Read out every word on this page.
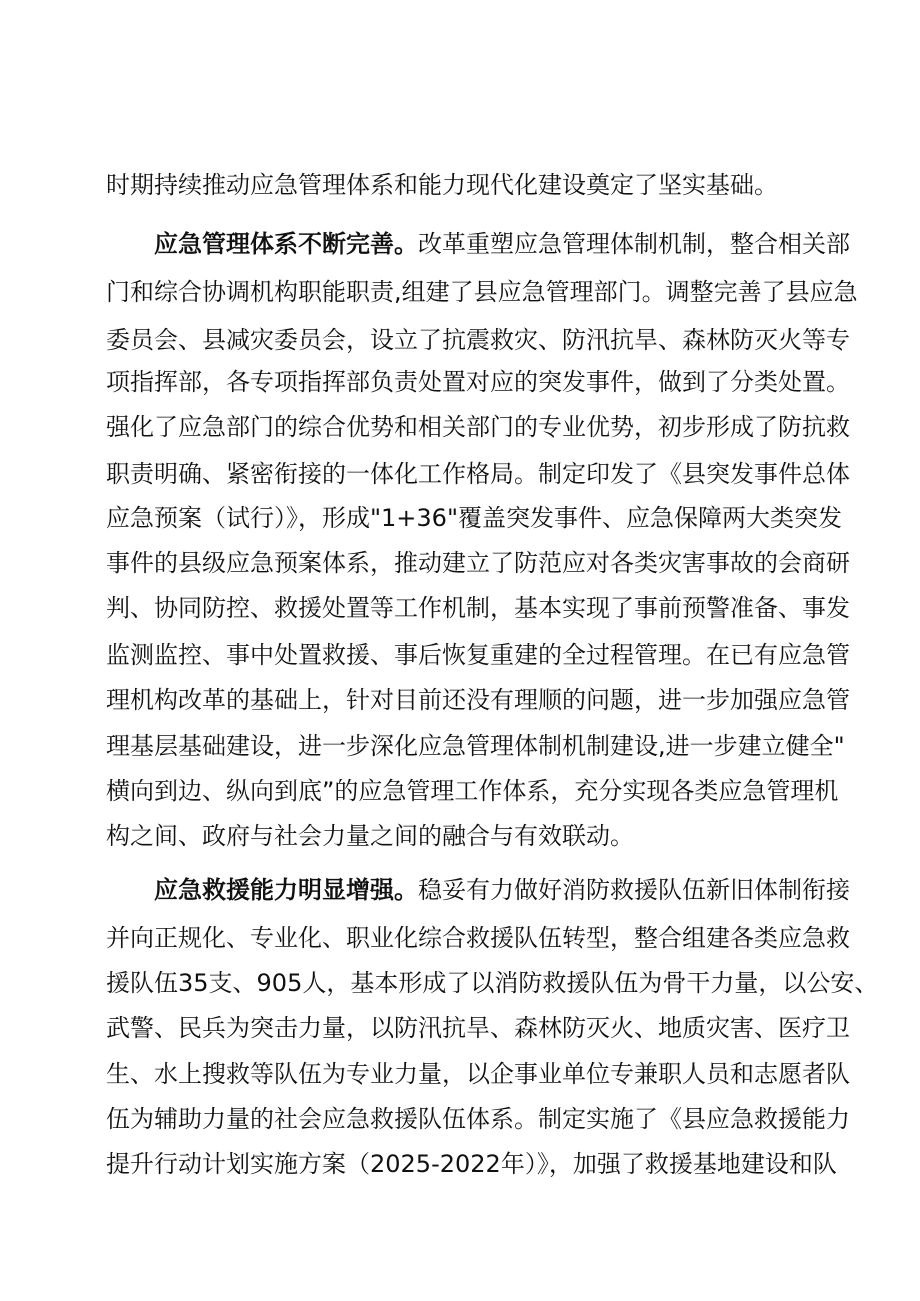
时期持续推动应急管理体系和能力现代化建设奠定了坚实基础。
应急管理体系不断完善。改革重塑应急管理体制机制，整合相关部
门和综合协调机构职能职责,组建了县应急管理部门。调整完善了县应急
委员会、县减灾委员会，设立了抗震救灾、防汛抗旱、森林防灭火等专
项指挥部，各专项指挥部负责处置对应的突发事件，做到了分类处置。
强化了应急部门的综合优势和相关部门的专业优势，初步形成了防抗救
职责明确、紧密衔接的一体化工作格局。制定印发了《县突发事件总体
应急预案（试行）》，形成"1+36"覆盖突发事件、应急保障两大类突发
事件的县级应急预案体系，推动建立了防范应对各类灾害事故的会商研
判、协同防控、救援处置等工作机制，基本实现了事前预警准备、事发
监测监控、事中处置救援、事后恢复重建的全过程管理。在已有应急管
理机构改革的基础上，针对目前还没有理顺的问题，进一步加强应急管
理基层基础建设，进一步深化应急管理体制机制建设,进一步建立健全"
横向到边、纵向到底”的应急管理工作体系，充分实现各类应急管理机
构之间、政府与社会力量之间的融合与有效联动。
应急救援能力明显增强。稳妥有力做好消防救援队伍新旧体制衔接
并向正规化、专业化、职业化综合救援队伍转型，整合组建各类应急救
援队伍35支、905人，基本形成了以消防救援队伍为骨干力量，以公安、
武警、民兵为突击力量，以防汛抗旱、森林防灭火、地质灾害、医疗卫
生、水上搜救等队伍为专业力量，以企事业单位专兼职人员和志愿者队
伍为辅助力量的社会应急救援队伍体系。制定实施了《县应急救援能力
提升行动计划实施方案（2025-2022年）》，加强了救援基地建设和队
